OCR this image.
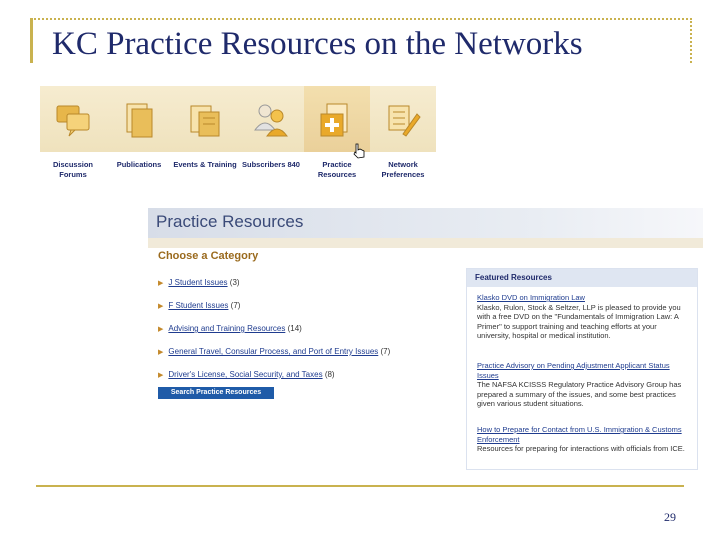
KC Practice Resources on the Networks
Discussion Forums
Publications	Events & Training Subscribers 840	Practice Resources
Network Preferences
Practice Resources
Choose a Category
▶ J Student Issues (3)
▶ F Student Issues (7)
▶ Advising and Training Resources (14)
▶ General Travel, Consular Process, and Port of Entry Issues (7)
▶ Driver's License, Social Security, and Taxes (8)
Search Practice Resources
Featured Resources
Klasko DVD on Immigration Law
Klasko, Rulon, Stock & Seltzer, LLP is pleased to provide you with a free DVD on the "Fundamentals of Immigration Law: A Primer" to support training and teaching efforts at your university, hospital or medical institution.
Practice Advisory on Pending Adjustment Applicant Status Issues
The NAFSA KCISSS Regulatory Practice Advisory Group has prepared a summary of the issues, and some best practices given various student situations.
How to Prepare for Contact from U.S. Immigration & Customs Enforcement
Resources for preparing for interactions with officials from ICE.
29
